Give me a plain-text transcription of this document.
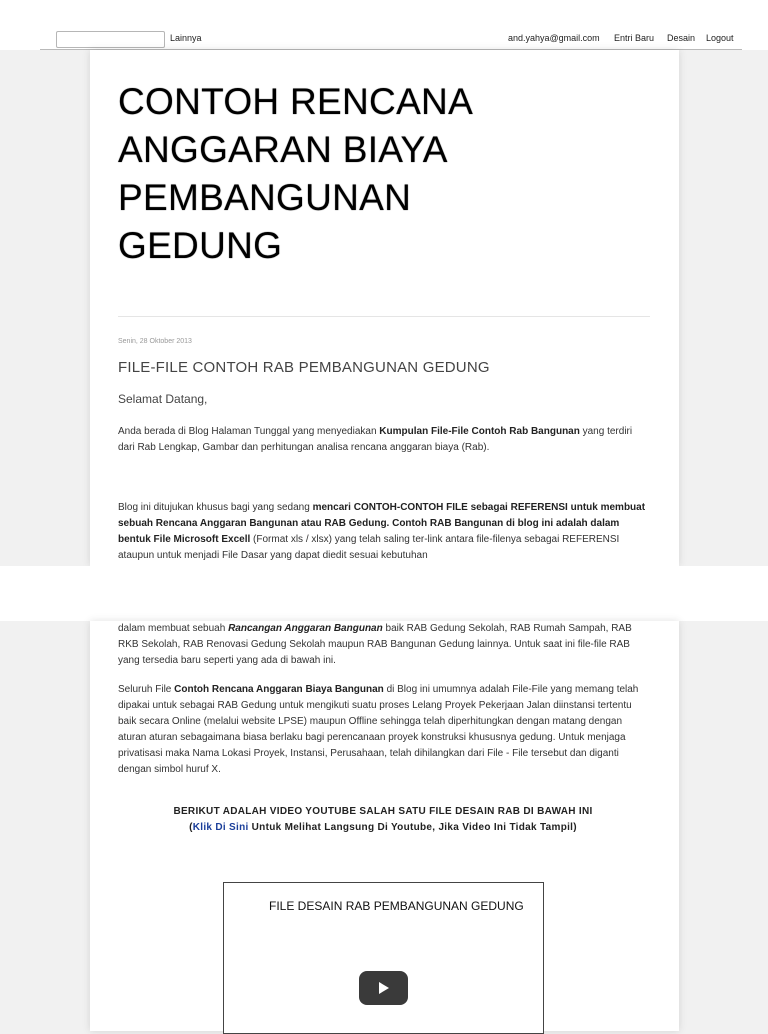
Lainnya	and.yahya@gmail.com Entri Baru Desain Logout
CONTOH RENCANA ANGGARAN BIAYA PEMBANGUNAN GEDUNG
Senin, 28 Oktober 2013
FILE-FILE CONTOH RAB PEMBANGUNAN GEDUNG
Selamat Datang,

Anda berada di Blog Halaman Tunggal yang menyediakan Kumpulan File-File Contoh Rab Bangunan yang terdiri dari Rab Lengkap, Gambar dan perhitungan analisa rencana anggaran biaya (Rab).

Blog ini ditujukan khusus bagi yang sedang mencari CONTOH-CONTOH FILE sebagai REFERENSI untuk membuat sebuah Rencana Anggaran Bangunan atau RAB Gedung. Contoh RAB Bangunan di blog ini adalah dalam bentuk File Microsoft Excell (Format xls / xlsx) yang telah saling ter-link antara file-filenya sebagai REFERENSI ataupun untuk menjadi File Dasar yang dapat diedit sesuai kebutuhan

dalam membuat sebuah Rancangan Anggaran Bangunan baik RAB Gedung Sekolah, RAB Rumah Sampah, RAB RKB Sekolah, RAB Renovasi Gedung Sekolah maupun RAB Bangunan Gedung lainnya. Untuk saat ini file-file RAB yang tersedia baru seperti yang ada di bawah ini.

Seluruh File Contoh Rencana Anggaran Biaya Bangunan di Blog ini umumnya adalah File-File yang memang telah dipakai untuk sebagai RAB Gedung untuk mengikuti suatu proses Lelang Proyek Pekerjaan Jalan diinstansi tertentu baik secara Online (melalui website LPSE) maupun Offline sehingga telah diperhitungkan dengan matang dengan aturan aturan sebagaimana biasa berlaku bagi perencanaan proyek konstruksi khususnya gedung. Untuk menjaga privatisasi maka Nama Lokasi Proyek, Instansi, Perusahaan, telah dihilangkan dari File - File tersebut dan diganti dengan simbol huruf X.

BERIKUT ADALAH VIDEO YOUTUBE SALAH SATU FILE DESAIN RAB DI BAWAH INI
(Klik Di Sini Untuk Melihat Langsung Di Youtube, Jika Video Ini Tidak Tampil)
FILE DESAIN RAB PEMBANGUNAN GEDUNG
